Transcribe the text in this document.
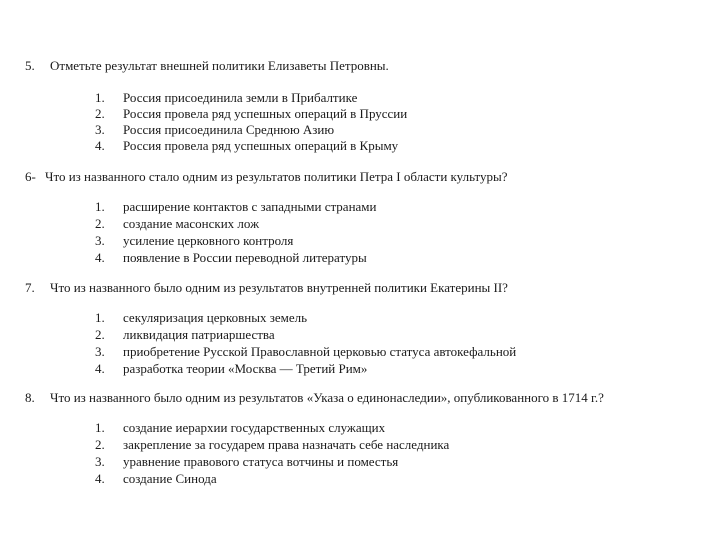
5. Отметьте результат внешней политики Елизаветы Петровны.
1.	Россия присоединила земли в Прибалтике
2.	Россия провела ряд успешных операций в Пруссии
3.	Россия присоединила Среднюю Азию
4.	Россия провела ряд успешных операций в Крыму
6- Что из названного стало одним из результатов политики Петра I области культуры?
1.	расширение контактов с западными странами
2.	создание масонских лож
3.	усиление церковного контроля
4.	появление в России переводной литературы
7. Что из названного было одним из результатов внутренней политики Екатерины II?
1.	секуляризация церковных земель
2.	ликвидация патриаршества
3.	приобретение Русской Православной церковью статуса автокефальной
4.	разработка теории «Москва — Третий Рим»
8. Что из названного было одним из результатов «Указа о единонаследии», опубликованного в 1714 г.?
1.	создание иерархии государственных служащих
2.	закрепление за государем права назначать себе наследника
3.	уравнение правового статуса вотчины и поместья
4.	создание Синода
